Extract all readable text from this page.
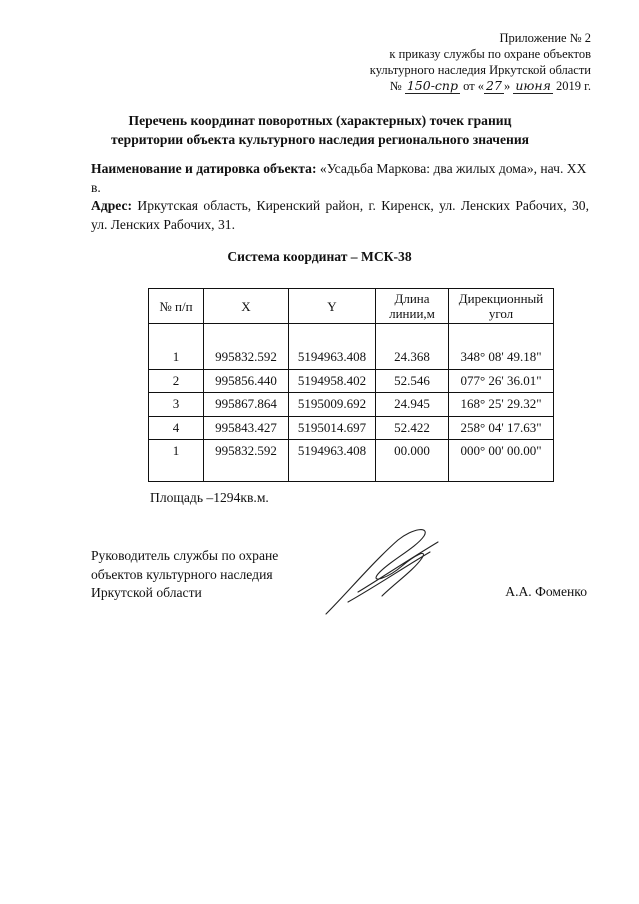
Приложение № 2
к приказу службы по охране объектов
культурного наследия Иркутской области
№ 150-спр от « 27 » июня 2019 г.
Перечень координат поворотных (характерных) точек границ
территории объекта культурного наследия регионального значения
Наименование и датировка объекта: «Усадьба Маркова: два жилых дома», нач. XX в.
Адрес: Иркутская область, Киренский район, г. Киренск, ул. Ленских Рабочих, 30, ул. Ленских Рабочих, 31.
Система координат – МСК-38
№ п/п	X	Y	Длина линии,м	Дирекционный угол
1	995832.592	5194963.408	24.368	348° 08' 49.18"
2	995856.440	5194958.402	52.546	077° 26' 36.01"
3	995867.864	5195009.692	24.945	168° 25' 29.32"
4	995843.427	5195014.697	52.422	258° 04' 17.63"
1	995832.592	5194963.408	00.000	000° 00' 00.00"
Площадь –1294кв.м.
Руководитель службы по охране
объектов культурного наследия
Иркутской области	А.А. Фоменко
